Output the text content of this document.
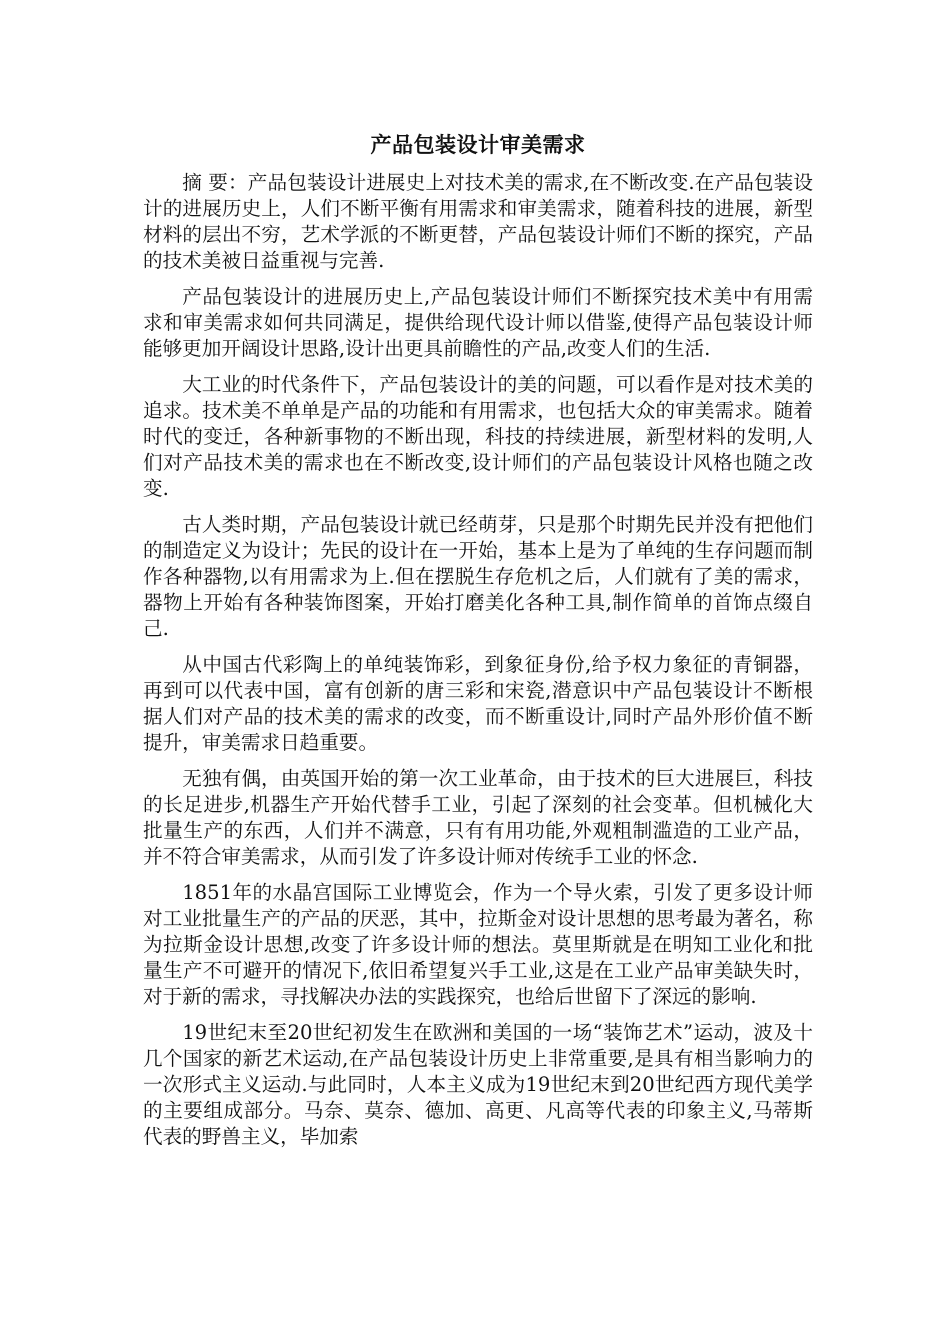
产品包装设计审美需求

摘 要：产品包装设计进展史上对技术美的需求,在不断改变.在产品包装设计的进展历史上，人们不断平衡有用需求和审美需求，随着科技的进展，新型材料的层出不穷，艺术学派的不断更替，产品包装设计师们不断的探究，产品的技术美被日益重视与完善.

产品包装设计的进展历史上,产品包装设计师们不断探究技术美中有用需求和审美需求如何共同满足，提供给现代设计师以借鉴,使得产品包装设计师能够更加开阔设计思路,设计出更具前瞻性的产品,改变人们的生活.

大工业的时代条件下，产品包装设计的美的问题，可以看作是对技术美的追求。技术美不单单是产品的功能和有用需求，也包括大众的审美需求。随着时代的变迁，各种新事物的不断出现，科技的持续进展，新型材料的发明,人们对产品技术美的需求也在不断改变,设计师们的产品包装设计风格也随之改变.

古人类时期，产品包装设计就已经萌芽，只是那个时期先民并没有把他们的制造定义为设计；先民的设计在一开始，基本上是为了单纯的生存问题而制作各种器物,以有用需求为上.但在摆脱生存危机之后，人们就有了美的需求，器物上开始有各种装饰图案，开始打磨美化各种工具,制作简单的首饰点缀自己.

从中国古代彩陶上的单纯装饰彩，到象征身份,给予权力象征的青铜器，再到可以代表中国，富有创新的唐三彩和宋瓷,潜意识中产品包装设计不断根据人们对产品的技术美的需求的改变，而不断重设计,同时产品外形价值不断提升，审美需求日趋重要。

无独有偶，由英国开始的第一次工业革命，由于技术的巨大进展巨，科技的长足进步,机器生产开始代替手工业，引起了深刻的社会变革。但机械化大批量生产的东西，人们并不满意，只有有用功能,外观粗制滥造的工业产品，并不符合审美需求，从而引发了许多设计师对传统手工业的怀念.

1851年的水晶宫国际工业博览会，作为一个导火索，引发了更多设计师对工业批量生产的产品的厌恶，其中，拉斯金对设计思想的思考最为著名，称为拉斯金设计思想,改变了许多设计师的想法。莫里斯就是在明知工业化和批量生产不可避开的情况下,依旧希望复兴手工业,这是在工业产品审美缺失时，对于新的需求，寻找解决办法的实践探究，也给后世留下了深远的影响.

19世纪末至20世纪初发生在欧洲和美国的一场“装饰艺术”运动，波及十几个国家的新艺术运动,在产品包装设计历史上非常重要,是具有相当影响力的一次形式主义运动.与此同时，人本主义成为19世纪末到20世纪西方现代美学的主要组成部分。马奈、莫奈、德加、高更、凡高等代表的印象主义,马蒂斯代表的野兽主义，毕加索
